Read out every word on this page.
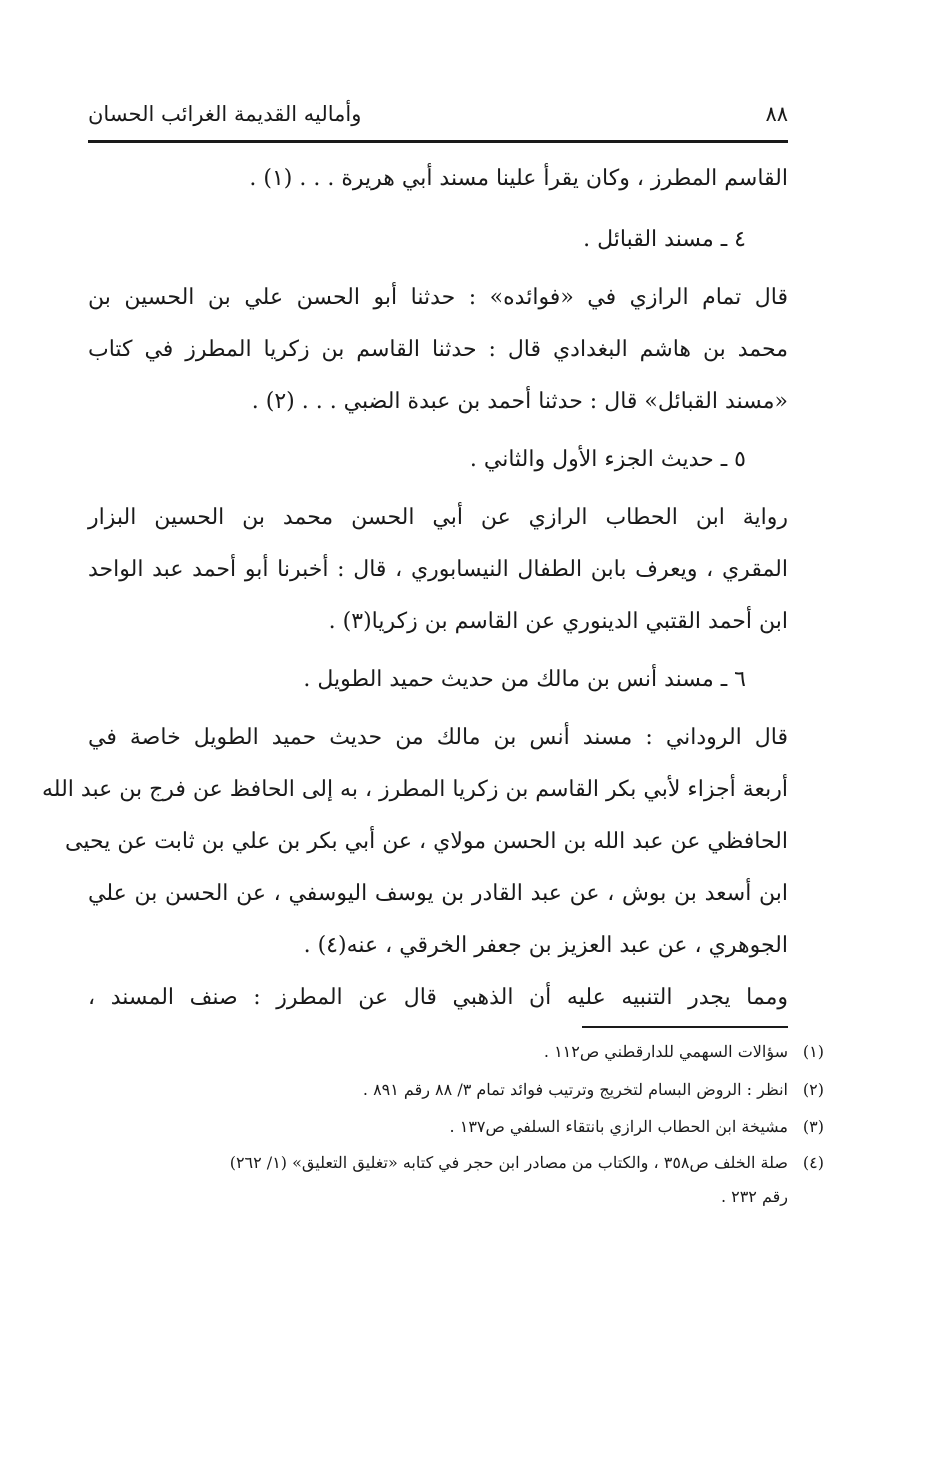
٨٨
وأماليه القديمة الغرائب الحسان
القاسم المطرز ، وكان يقرأ علينا مسند أبي هريرة . . . (١) .
٤ ـ مسند القبائل .
قال تمام الرازي في «فوائده» : حدثنا أبو الحسن علي بن الحسين بن
محمد بن هاشم البغدادي قال : حدثنا القاسم بن زكريا المطرز في كتاب
«مسند القبائل» قال : حدثنا أحمد بن عبدة الضبي . . . (٢) .
٥ ـ حديث الجزء الأول والثاني .
رواية ابن الحطاب الرازي عن أبي الحسن محمد بن الحسين البزار
المقري ، ويعرف بابن الطفال النيسابوري ، قال : أخبرنا أبو أحمد عبد الواحد
ابن أحمد القتبي الدينوري عن القاسم بن زكريا(٣) .
٦ ـ مسند أنس بن مالك من حديث حميد الطويل .
قال الروداني : مسند أنس بن مالك من حديث حميد الطويل خاصة في
أربعة أجزاء لأبي بكر القاسم بن زكريا المطرز ، به إلى الحافظ عن فرج بن عبد الله
الحافظي عن عبد الله بن الحسن مولاي ، عن أبي بكر بن علي بن ثابت عن يحيى
ابن أسعد بن بوش ، عن عبد القادر بن يوسف اليوسفي ، عن الحسن بن علي
الجوهري ، عن عبد العزيز بن جعفر الخرقي ، عنه(٤) .
ومما يجدر التنبيه عليه أن الذهبي قال عن المطرز : صنف المسند ،
(١)
سؤالات السهمي للدارقطني ص١١٢ .
(٢)
انظر : الروض البسام لتخريج وترتيب فوائد تمام ٣/ ٨٨ رقم ٨٩١ .
(٣)
مشيخة ابن الحطاب الرازي بانتقاء السلفي ص١٣٧ .
(٤)
صلة الخلف ص٣٥٨ ، والكتاب من مصادر ابن حجر في كتابه «تغليق التعليق» (١/ ٢٦٢)
رقم ٢٣٢ .
